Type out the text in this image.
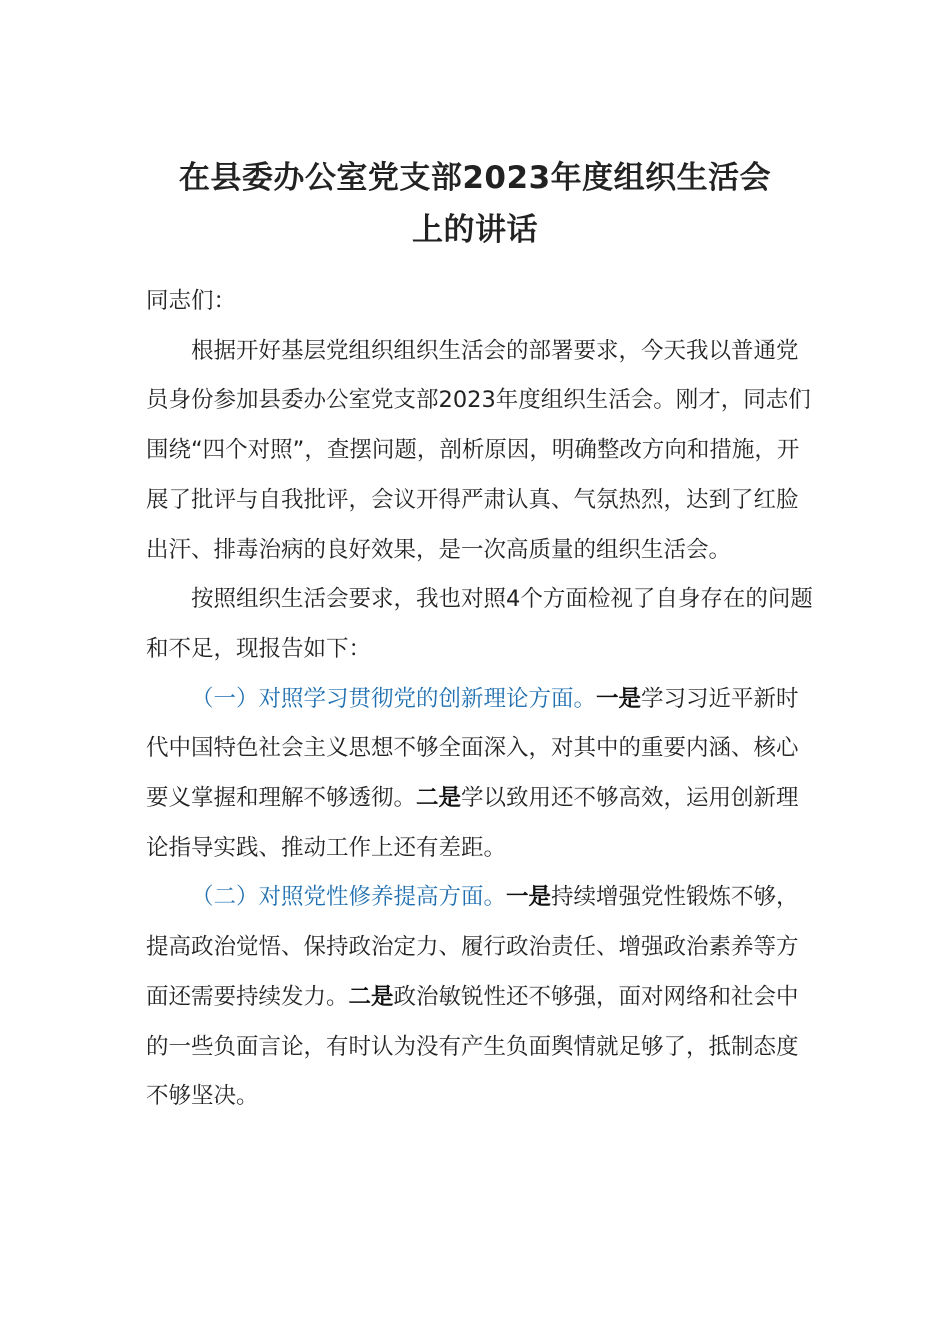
在县委办公室党支部2023年度组织生活会
上的讲话

同志们：

根据开好基层党组织组织生活会的部署要求，今天我以普通党员身份参加县委办公室党支部2023年度组织生活会。刚才，同志们围绕“四个对照”，查摆问题，剖析原因，明确整改方向和措施，开展了批评与自我批评，会议开得严肃认真、气氛热烈，达到了红脸出汗、排毒治病的良好效果，是一次高质量的组织生活会。

按照组织生活会要求，我也对照4个方面检视了自身存在的问题和不足，现报告如下：

（一）对照学习贯彻党的创新理论方面。一是学习习近平新时代中国特色社会主义思想不够全面深入，对其中的重要内涵、核心要义掌握和理解不够透彻。二是学以致用还不够高效，运用创新理论指导实践、推动工作上还有差距。

（二）对照党性修养提高方面。一是持续增强党性锻炼不够，提高政治觉悟、保持政治定力、履行政治责任、增强政治素养等方面还需要持续发力。二是政治敏锐性还不够强，面对网络和社会中的一些负面言论，有时认为没有产生负面舆情就足够了，抵制态度不够坚决。
